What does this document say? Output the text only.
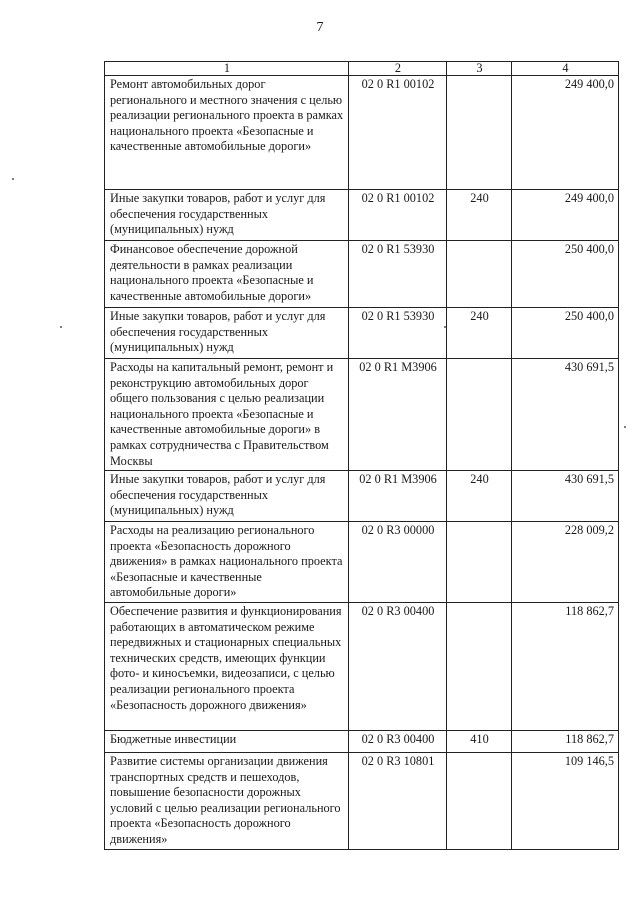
7
1	2	3	4
Ремонт автомобильных дорог регионального и местного значения с целью реализации регионального проекта в рамках национального проекта «Безопасные и качественные автомобильные дороги»	02 0 R1 00102		249 400,0
Иные закупки товаров, работ и услуг для обеспечения государственных (муниципальных) нужд	02 0 R1 00102	240	249 400,0
Финансовое обеспечение дорожной деятельности в рамках реализации национального проекта «Безопасные и качественные автомобильные дороги»	02 0 R1 53930		250 400,0
Иные закупки товаров, работ и услуг для обеспечения государственных (муниципальных) нужд	02 0 R1 53930	240	250 400,0
Расходы на капитальный ремонт, ремонт и реконструкцию автомобильных дорог общего пользования с целью реализации национального проекта «Безопасные и качественные автомобильные дороги» в рамках сотрудничества с Правительством Москвы	02 0 R1 M3906		430 691,5
Иные закупки товаров, работ и услуг для обеспечения государственных (муниципальных) нужд	02 0 R1 M3906	240	430 691,5
Расходы на реализацию регионального проекта «Безопасность дорожного движения» в рамках национального проекта «Безопасные и качественные автомобильные дороги»	02 0 R3 00000		228 009,2
Обеспечение развития и функционирования работающих в автоматическом режиме передвижных и стационарных специальных технических средств, имеющих функции фото- и киносъемки, видеозаписи, с целью реализации регионального проекта «Безопасность дорожного движения»	02 0 R3 00400		118 862,7
Бюджетные инвестиции	02 0 R3 00400	410	118 862,7
Развитие системы организации движения транспортных средств и пешеходов, повышение безопасности дорожных условий с целью реализации регионального проекта «Безопасность дорожного движения»	02 0 R3 10801		109 146,5
